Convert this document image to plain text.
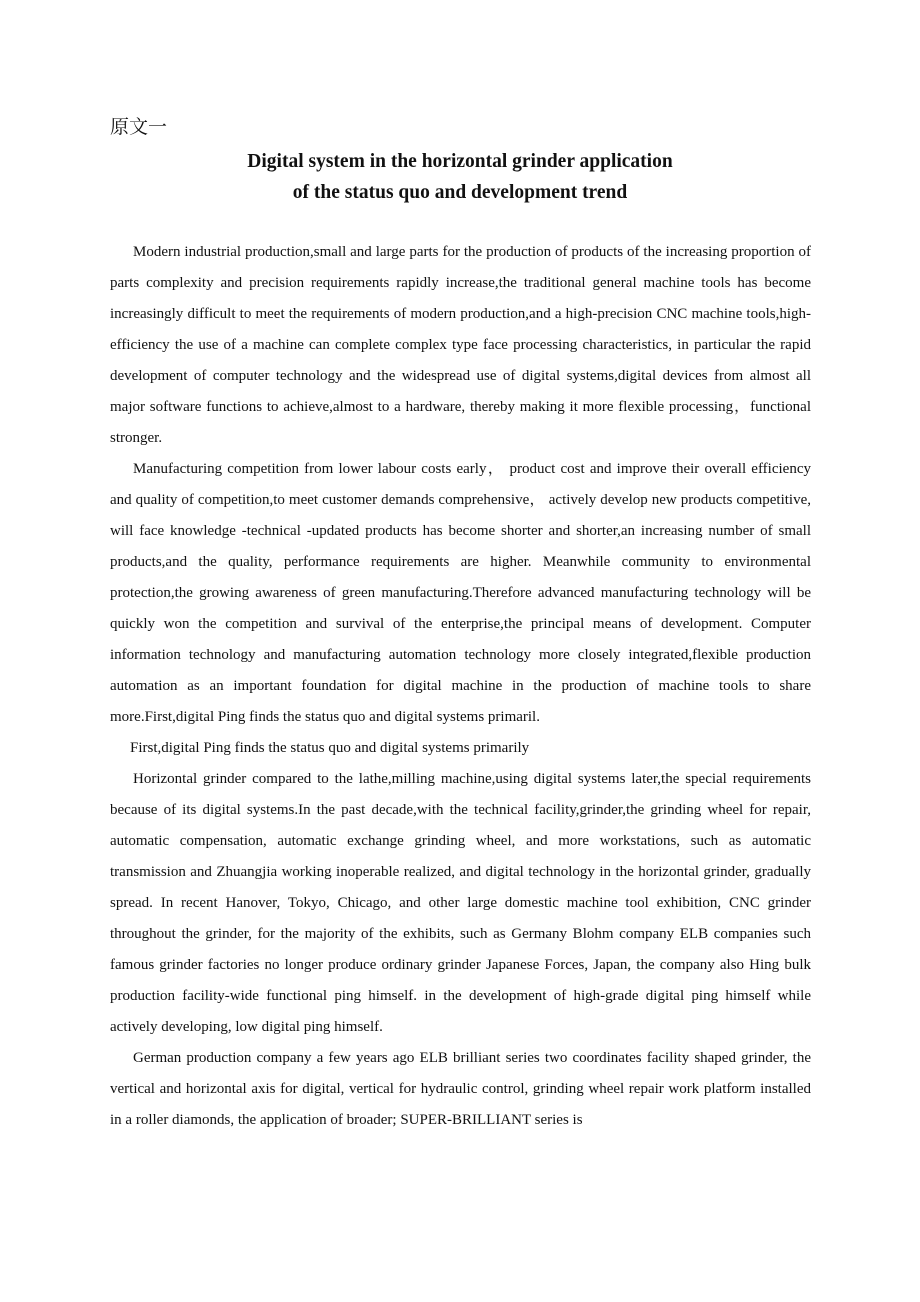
原文一
Digital system in the horizontal grinder application
of the status quo and development trend

Modern industrial production,small and large parts for the production of products of the increasing proportion of parts complexity and precision requirements rapidly increase,the traditional general machine tools has become increasingly difficult to meet the requirements of modern production,and a high-precision CNC machine tools,high-efficiency the use of a machine can complete complex type face processing characteristics, in particular the rapid development of computer technology and the widespread use of digital systems,digital devices from almost all major software functions to achieve,almost to a hardware, thereby making it more flexible processing，functional stronger.

Manufacturing competition from lower labour costs early， product cost and improve their overall efficiency and quality of competition,to meet customer demands comprehensive， actively develop new products competitive, will face knowledge -technical -updated products has become shorter and shorter,an increasing number of small products,and the quality, performance requirements are higher. Meanwhile community to environmental protection,the growing awareness of green manufacturing.Therefore advanced manufacturing technology will be quickly won the competition and survival of the enterprise,the principal means of development. Computer information technology and manufacturing automation technology more closely integrated,flexible production automation as an important foundation for digital machine in the production of machine tools to share more.First,digital Ping finds the status quo and digital systems primaril.

First,digital Ping finds the status quo and digital systems primarily

Horizontal grinder compared to the lathe,milling machine,using digital systems later,the special requirements because of its digital systems.In the past decade,with the technical facility,grinder,the grinding wheel for repair, automatic compensation, automatic exchange grinding wheel, and more workstations, such as automatic transmission and Zhuangjia working inoperable realized, and digital technology in the horizontal grinder, gradually spread. In recent Hanover, Tokyo, Chicago, and other large domestic machine tool exhibition, CNC grinder throughout the grinder, for the majority of the exhibits, such as Germany Blohm company ELB companies such famous grinder factories no longer produce ordinary grinder Japanese Forces, Japan, the company also Hing bulk production facility-wide functional ping himself. in the development of high-grade digital ping himself while actively developing, low digital ping himself.

German production company a few years ago ELB brilliant series two coordinates facility shaped grinder, the vertical and horizontal axis for digital, vertical for hydraulic control, grinding wheel repair work platform installed in a roller diamonds, the application of broader; SUPER-BRILLIANT series is
